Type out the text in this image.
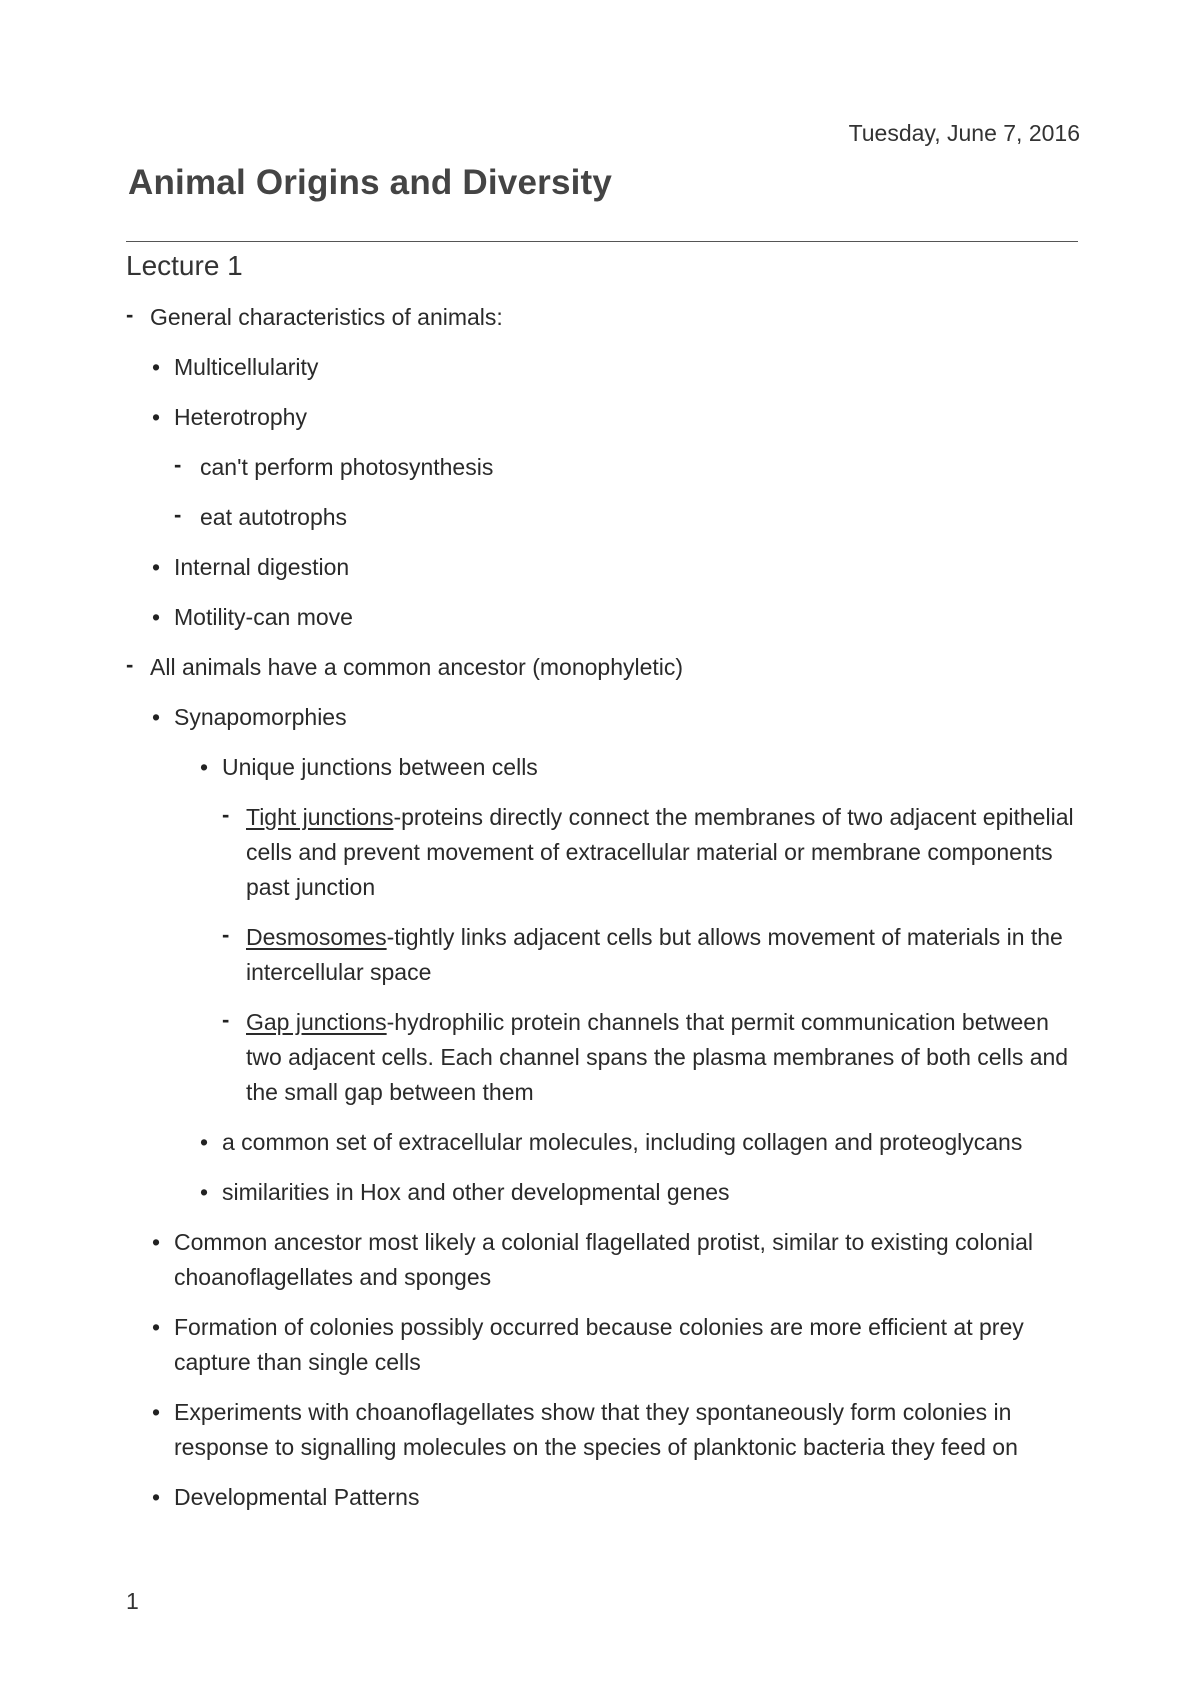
Tuesday, June 7, 2016
Animal Origins and Diversity
Lecture 1
- General characteristics of animals:
• Multicellularity
• Heterotrophy
- can't perform photosynthesis
- eat autotrophs
• Internal digestion
• Motility-can move
- All animals have a common ancestor (monophyletic)
• Synapomorphies
• Unique junctions between cells
- Tight junctions-proteins directly connect the membranes of two adjacent epithelial cells and prevent movement of extracellular material or membrane components past junction
- Desmosomes-tightly links adjacent cells but allows movement of materials in the intercellular space
- Gap junctions-hydrophilic protein channels that permit communication between two adjacent cells. Each channel spans the plasma membranes of both cells and the small gap between them
• a common set of extracellular molecules, including collagen and proteoglycans
• similarities in Hox and other developmental genes
• Common ancestor most likely a colonial flagellated protist, similar to existing colonial choanoflagellates and sponges
• Formation of colonies possibly occurred because colonies are more efficient at prey capture than single cells
• Experiments with choanoflagellates show that they spontaneously form colonies in response to signalling molecules on the species of planktonic bacteria they feed on
• Developmental Patterns
1
